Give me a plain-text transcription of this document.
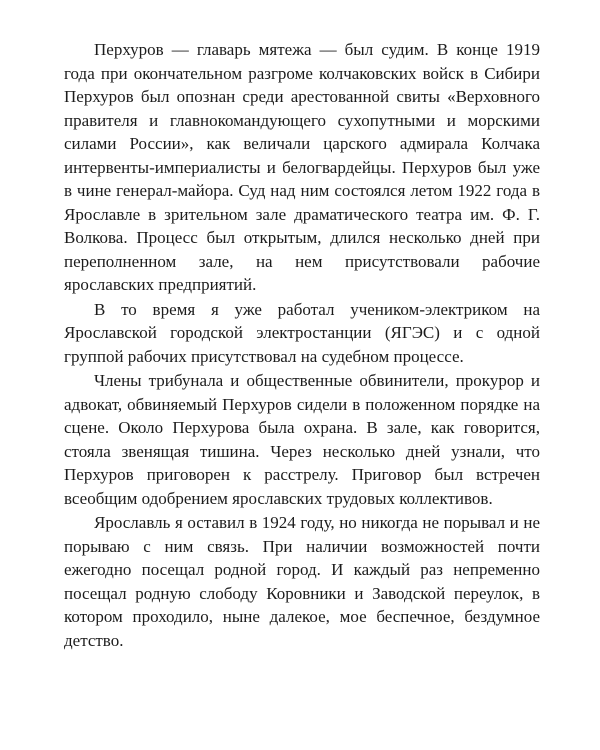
Перхуров — главарь мятежа — был судим. В конце 1919 года при окончательном разгроме колчаковских войск в Сибири Перхуров был опознан среди арестованной свиты «Верховного правителя и главнокомандующего сухопутными и морскими силами России», как величали царского адмирала Колчака интервенты-империалисты и белогвардейцы. Перхуров был уже в чине генерал-майора. Суд над ним состоялся летом 1922 года в Ярославле в зрительном зале драматического театра им. Ф. Г. Волкова. Процесс был открытым, длился несколько дней при переполненном зале, на нем присутствовали рабочие ярославских предприятий.

В то время я уже работал учеником-электриком на Ярославской городской электростанции (ЯГЭС) и с одной группой рабочих присутствовал на судебном процессе.

Члены трибунала и общественные обвинители, прокурор и адвокат, обвиняемый Перхуров сидели в положенном порядке на сцене. Около Перхурова была охрана. В зале, как говорится, стояла звенящая тишина. Через несколько дней узнали, что Перхуров приговорен к расстрелу. Приговор был встречен всеобщим одобрением ярославских трудовых коллективов.

Ярославль я оставил в 1924 году, но никогда не порывал и не порываю с ним связь. При наличии возможностей почти ежегодно посещал родной город. И каждый раз непременно посещал родную слободу Коровники и Заводской переулок, в котором проходило, ныне далекое, мое беспечное, бездумное детство.
